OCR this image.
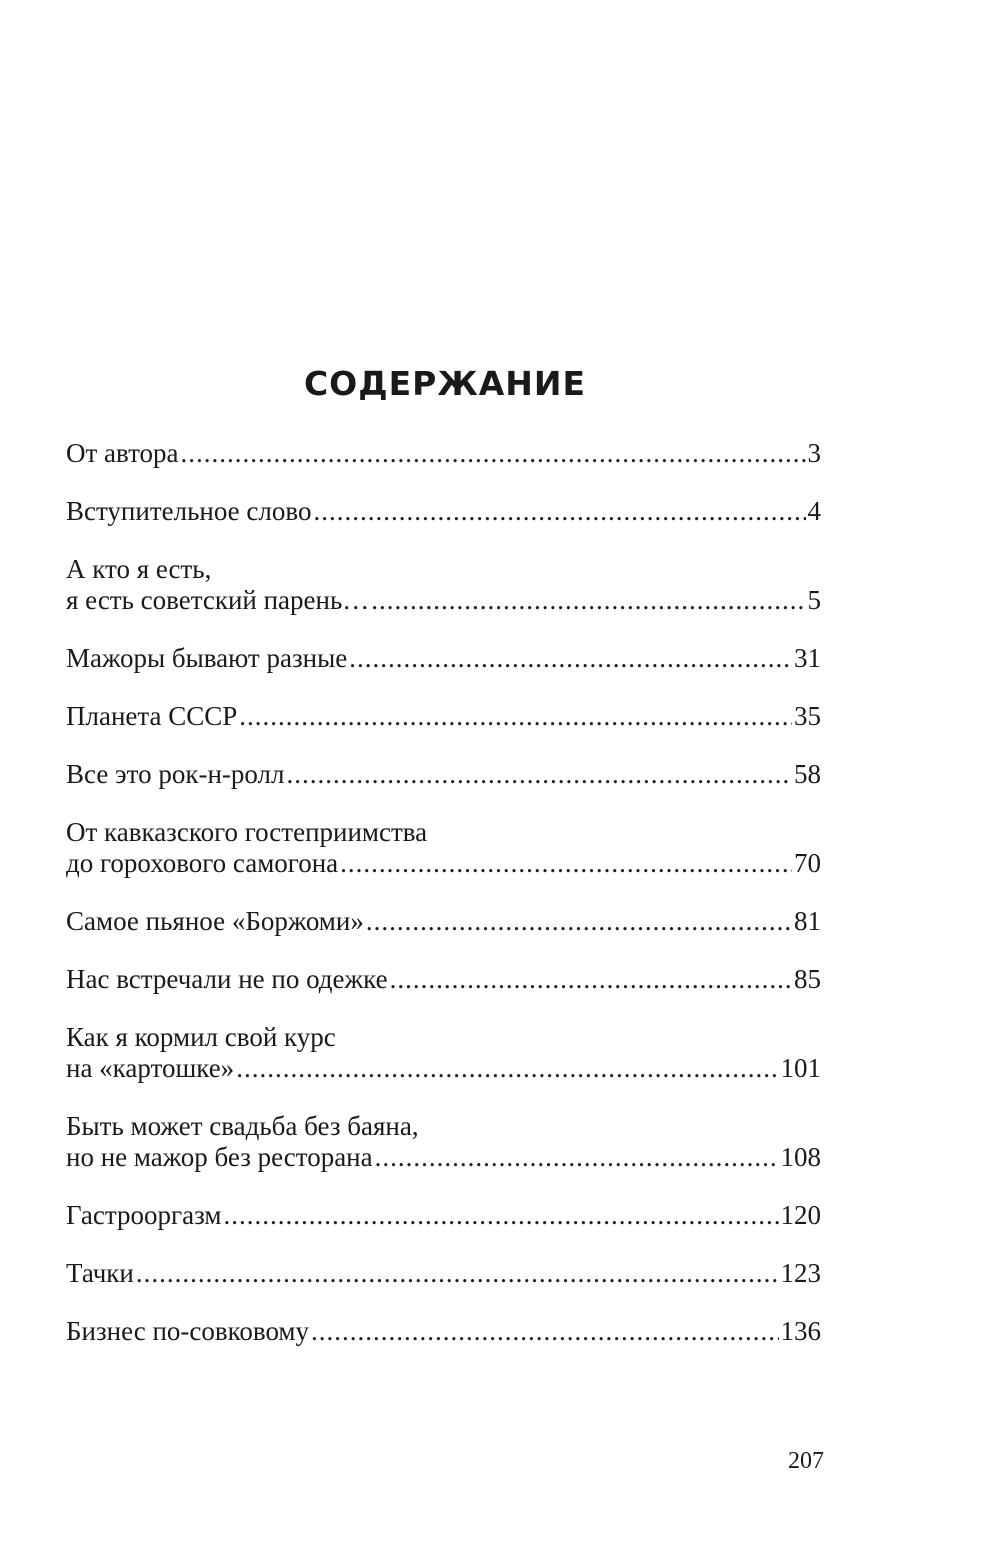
СОДЕРЖАНИЕ
От автора .....	3
Вступительное слово .....	4
А кто я есть,
я есть советский парень… .....	5
Мажоры бывают разные .....	31
Планета СССР .....	35
Все это рок-н-ролл .....	58
От кавказского гостеприимства
до горохового самогона .....	70
Самое пьяное «Боржоми» .....	81
Нас встречали не по одежке .....	85
Как я кормил свой курс
на «картошке» .....	101
Быть может свадьба без баяна,
но не мажор без ресторана .....	108
Гастрооргазм .....	120
Тачки .....	123
Бизнес по-совковому .....	136
207
